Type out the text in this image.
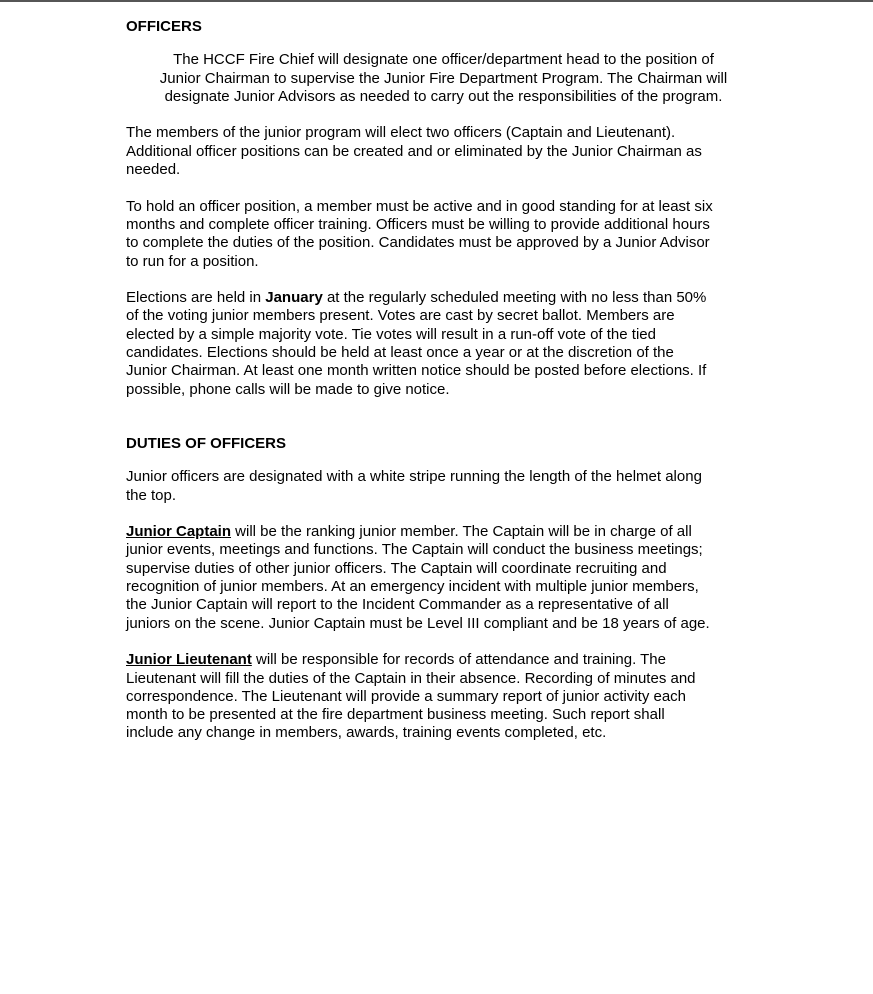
OFFICERS
The HCCF Fire Chief will designate one officer/department head to the position of
Junior Chairman to supervise the Junior Fire Department Program. The Chairman will
designate Junior Advisors as needed to carry out the responsibilities of the program.
The members of the junior program will elect two officers (Captain and Lieutenant).
Additional officer positions can be created and or eliminated by the Junior Chairman as
needed.
To hold an officer position, a member must be active and in good standing for at least six
months and complete officer training. Officers must be willing to provide additional hours
to complete the duties of the position. Candidates must be approved by a Junior Advisor
to run for a position.
Elections are held in January at the regularly scheduled meeting with no less than 50%
of the voting junior members present. Votes are cast by secret ballot. Members are
elected by a simple majority vote. Tie votes will result in a run-off vote of the tied
candidates. Elections should be held at least once a year or at the discretion of the
Junior Chairman. At least one month written notice should be posted before elections. If
possible, phone calls will be made to give notice.
DUTIES OF OFFICERS
Junior officers are designated with a white stripe running the length of the helmet along
the top.
Junior Captain will be the ranking junior member. The Captain will be in charge of all
junior events, meetings and functions. The Captain will conduct the business meetings;
supervise duties of other junior officers. The Captain will coordinate recruiting and
recognition of junior members. At an emergency incident with multiple junior members,
the Junior Captain will report to the Incident Commander as a representative of all
juniors on the scene. Junior Captain must be Level III compliant and be 18 years of age.
Junior Lieutenant will be responsible for records of attendance and training. The
Lieutenant will fill the duties of the Captain in their absence. Recording of minutes and
correspondence. The Lieutenant will provide a summary report of junior activity each
month to be presented at the fire department business meeting. Such report shall
include any change in members, awards, training events completed, etc.
